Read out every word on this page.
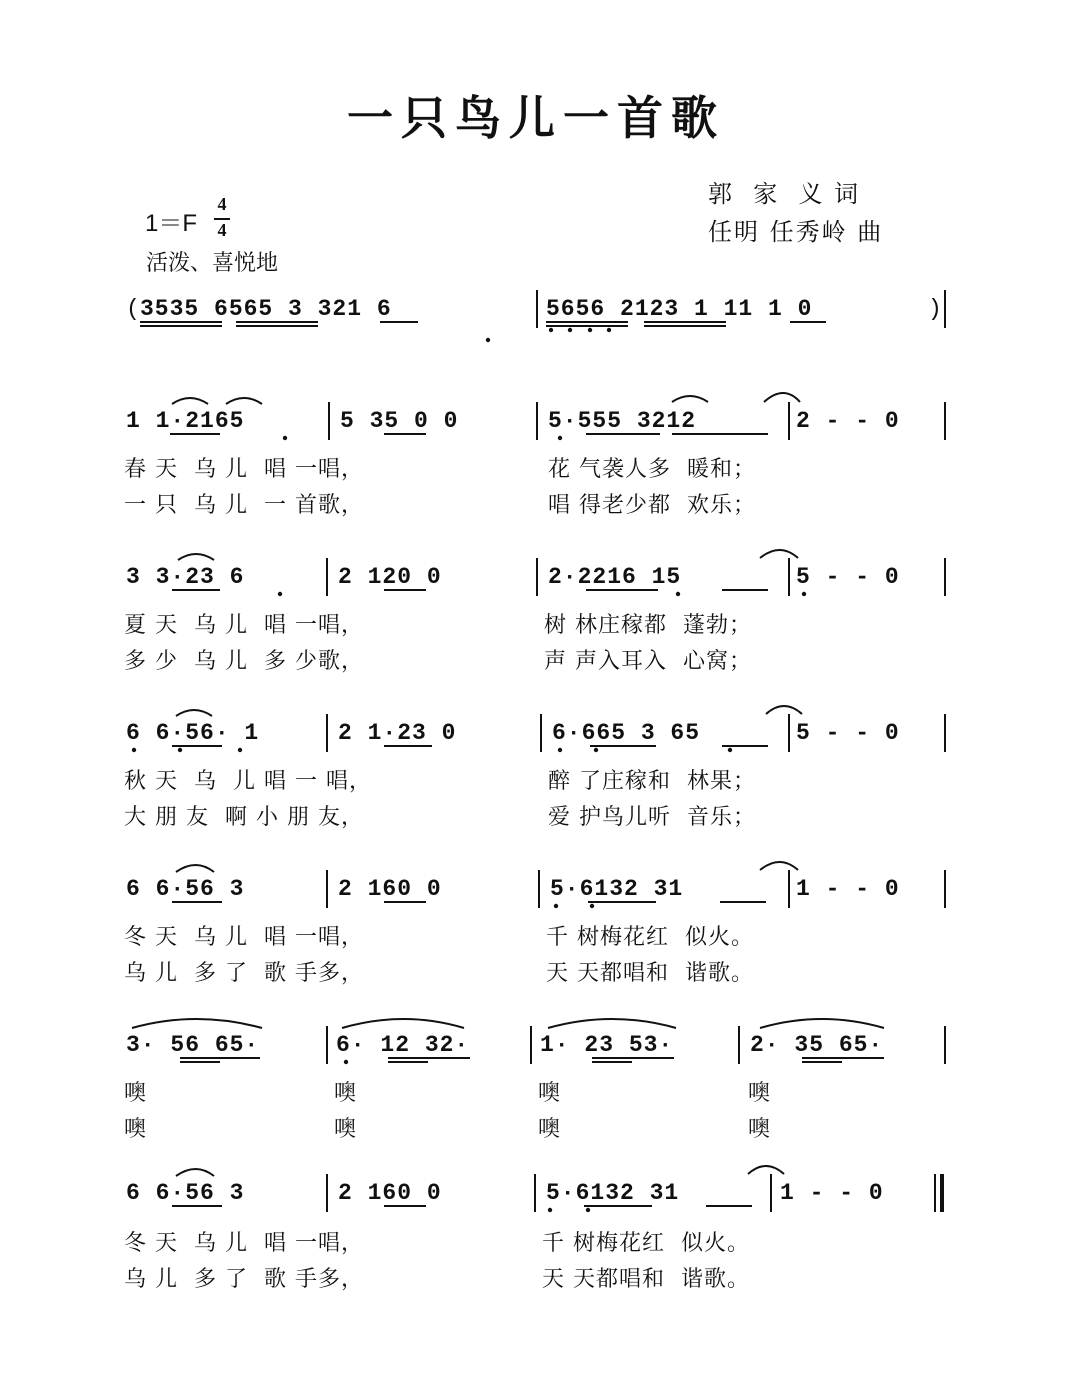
一只鸟儿一首歌
郭  家  义 词
任明 任秀岭 曲
1＝F
4
4
活泼、喜悦地
( 3535 6565 3 321 6	5656 2123 1 11 1 0	)
1 1·2165	5 35 0 0	5·555 3212	2 - - 0
春 天  乌 儿  唱 一唱，	花 气袭人多  暖和；
一 只  乌 儿  一 首歌，	唱 得老少都  欢乐；
3 3·23 6	2 120 0	2·2216 15	5 - - 0
夏 天  乌 儿  唱 一唱，	树 林庄稼都  蓬勃；
多 少  乌 儿  多 少歌，	声 声入耳入  心窝；
6 6·56· 1	2 1·23 0	6·665 3 65	5 - - 0
秋 天  乌  儿 唱 一 唱，	醉 了庄稼和  林果；
大 朋 友  啊 小 朋 友，	爱 护鸟儿听  音乐；
6 6·56 3	2 160 0	5·6132 31	1 - - 0
冬 天  乌 儿  唱 一唱，	千 树梅花红  似火。
乌 儿  多 了  歌 手多，	天 天都唱和  谐歌。
3· 56 65·	6· 12 32·	1· 23 53·	2· 35 65·
噢	噢	噢	噢
噢	噢	噢	噢
6 6·56 3	2 160 0	5·6132 31	1 - - 0
冬 天  乌 儿  唱 一唱，	千 树梅花红  似火。
乌 儿  多 了  歌 手多，	天 天都唱和  谐歌。
